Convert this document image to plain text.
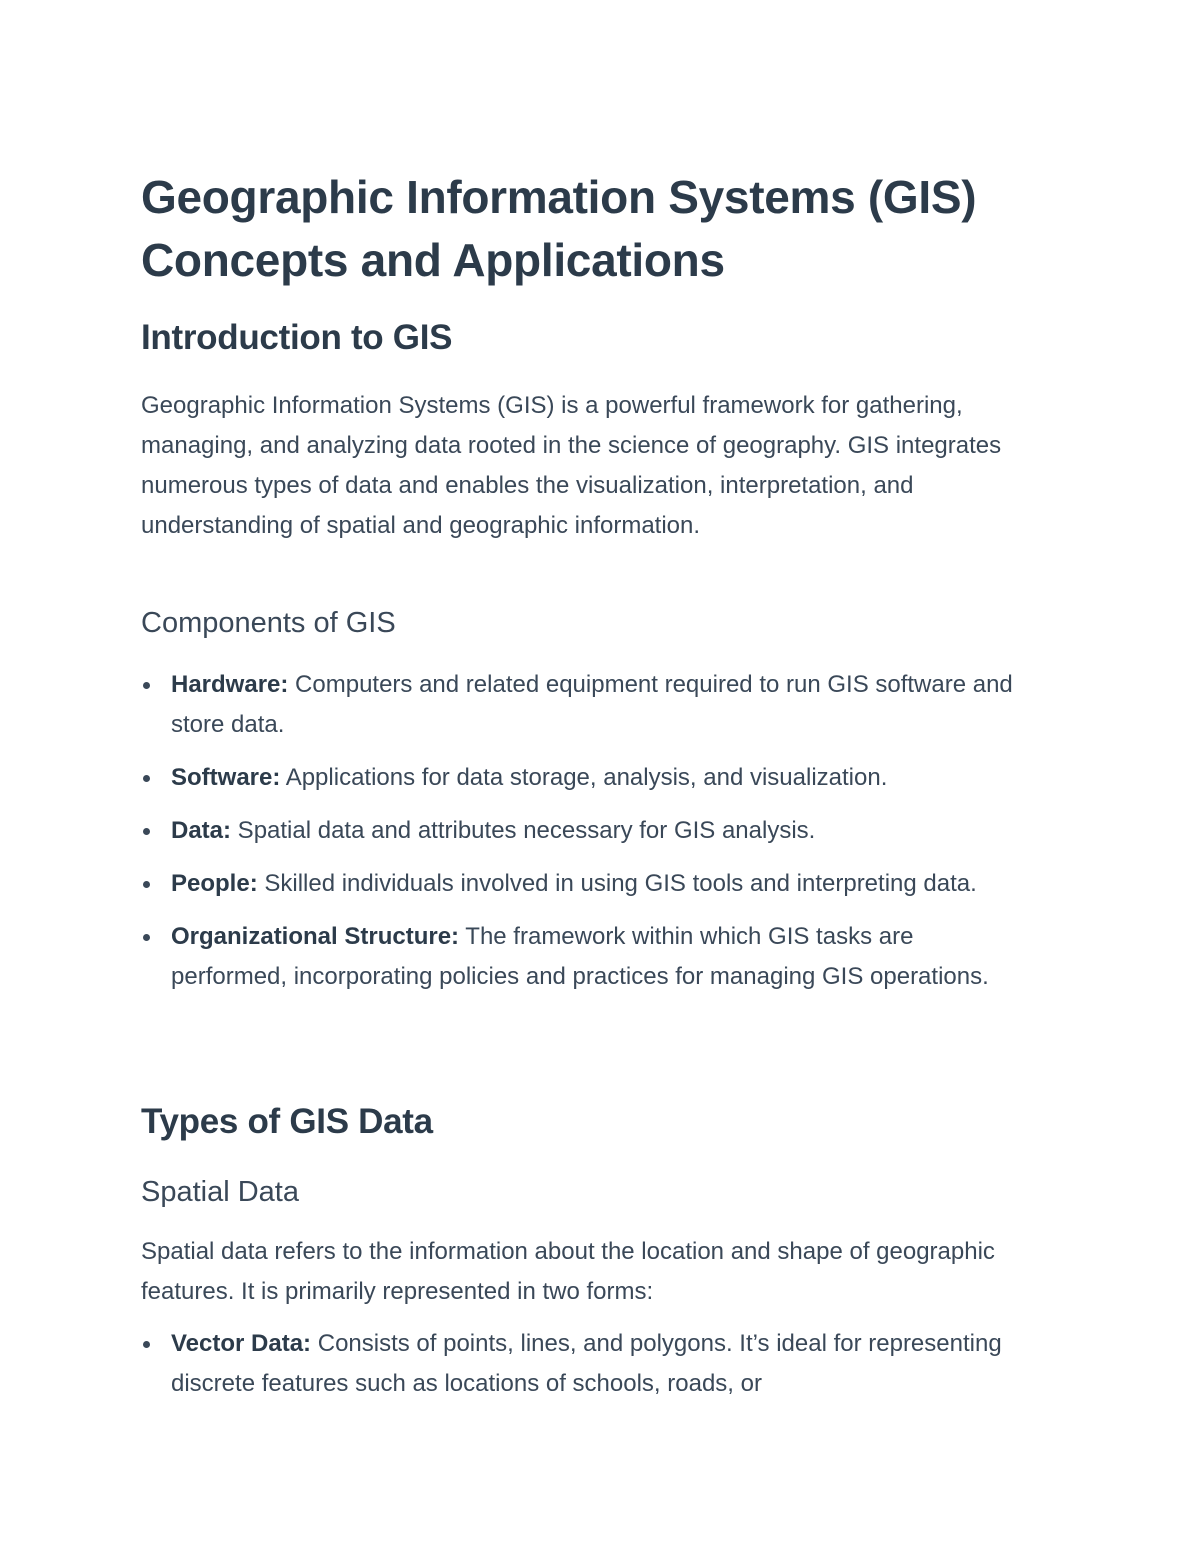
Geographic Information Systems (GIS)
Concepts and Applications
Introduction to GIS

Geographic Information Systems (GIS) is a powerful framework for gathering, managing, and analyzing data rooted in the science of geography. GIS integrates numerous types of data and enables the visualization, interpretation, and understanding of spatial and geographic information.

Components of GIS
Hardware: Computers and related equipment required to run GIS software and store data.
Software: Applications for data storage, analysis, and visualization.
Data: Spatial data and attributes necessary for GIS analysis.
People: Skilled individuals involved in using GIS tools and interpreting data.
Organizational Structure: The framework within which GIS tasks are performed, incorporating policies and practices for managing GIS operations.
Types of GIS Data
Spatial Data

Spatial data refers to the information about the location and shape of geographic features. It is primarily represented in two forms:

Vector Data: Consists of points, lines, and polygons. It’s ideal for representing discrete features such as locations of schools, roads, or
